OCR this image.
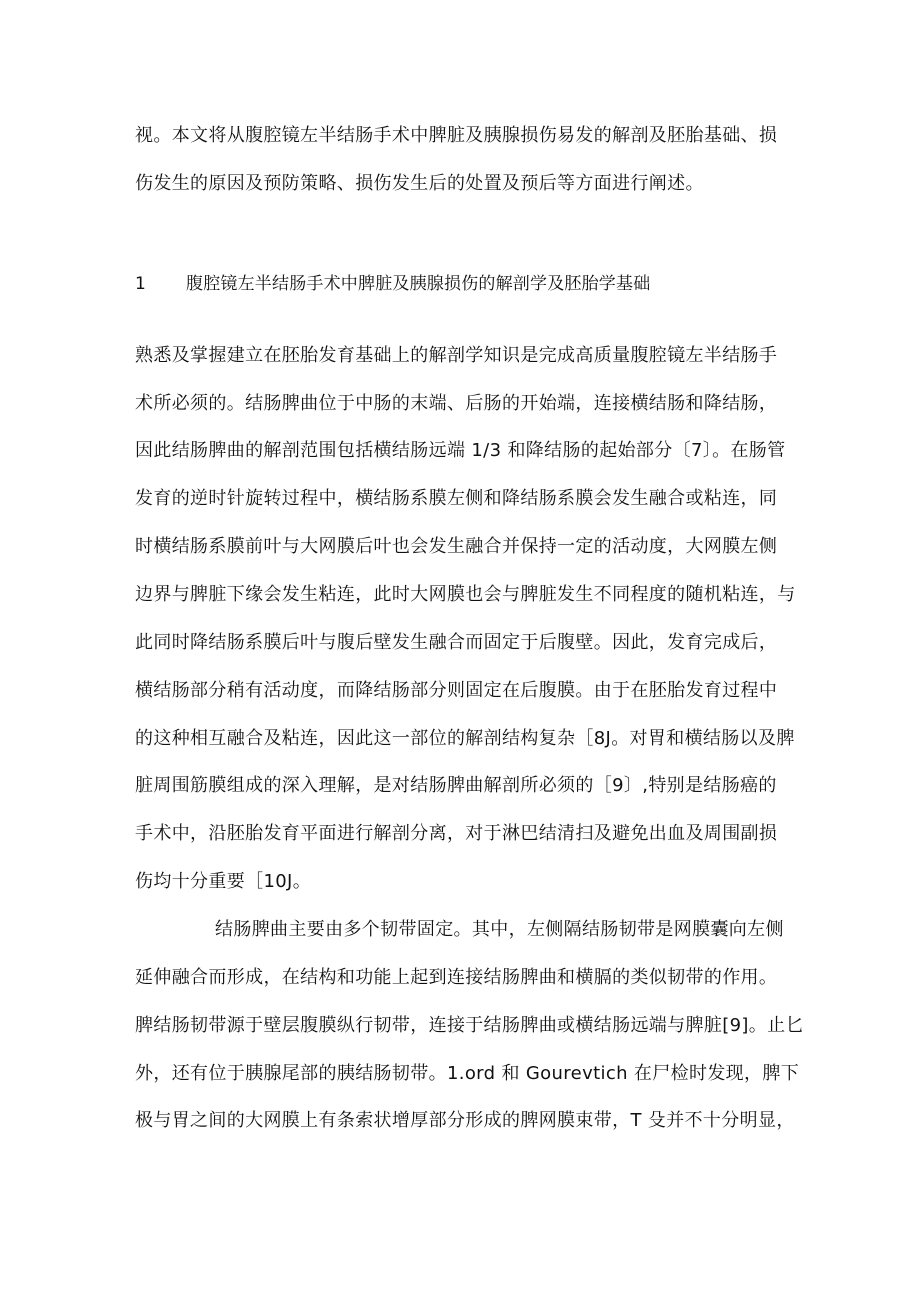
视。本文将从腹腔镜左半结肠手术中脾脏及胰腺损伤易发的解剖及胚胎基础、损
伤发生的原因及预防策略、损伤发生后的处置及预后等方面进行阐述。
1 腹腔镜左半结肠手术中脾脏及胰腺损伤的解剖学及胚胎学基础
熟悉及掌握建立在胚胎发育基础上的解剖学知识是完成高质量腹腔镜左半结肠手
术所必须的。结肠脾曲位于中肠的末端、后肠的开始端，连接横结肠和降结肠，
因此结肠脾曲的解剖范围包括横结肠远端 1/3 和降结肠的起始部分〔7〕。在肠管
发育的逆时针旋转过程中，横结肠系膜左侧和降结肠系膜会发生融合或粘连，同
时横结肠系膜前叶与大网膜后叶也会发生融合并保持一定的活动度，大网膜左侧
边界与脾脏下缘会发生粘连，此时大网膜也会与脾脏发生不同程度的随机粘连，与
此同时降结肠系膜后叶与腹后壁发生融合而固定于后腹壁。因此，发育完成后，
横结肠部分稍有活动度，而降结肠部分则固定在后腹膜。由于在胚胎发育过程中
的这种相互融合及粘连，因此这一部位的解剖结构复杂［8J。对胃和横结肠以及脾
脏周围筋膜组成的深入理解，是对结肠脾曲解剖所必须的［9〕,特别是结肠癌的
手术中，沿胚胎发育平面进行解剖分离，对于淋巴结清扫及避免出血及周围副损
伤均十分重要［10J。
结肠脾曲主要由多个韧带固定。其中，左侧隔结肠韧带是网膜囊向左侧
延伸融合而形成，在结构和功能上起到连接结肠脾曲和横膈的类似韧带的作用。
脾结肠韧带源于壁层腹膜纵行韧带，连接于结肠脾曲或横结肠远端与脾脏[9]。止匕
外，还有位于胰腺尾部的胰结肠韧带。1.ord 和 Gourevtich 在尸检时发现，脾下
极与胃之间的大网膜上有条索状增厚部分形成的脾网膜束带，T 殳并不十分明显，
